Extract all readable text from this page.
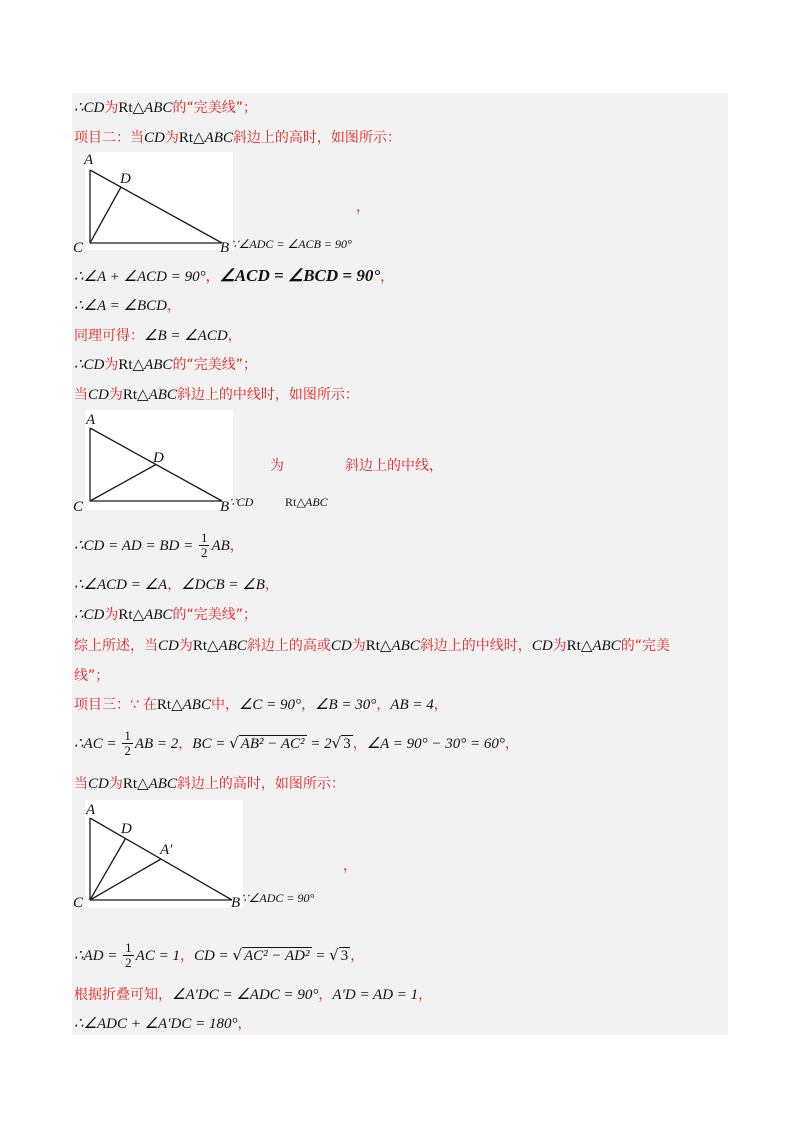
A
D
C	B
A
D
C	B
A
D
A′
C	B
，
∵∠ADC = ∠ACB = 90°
为	斜边上的中线，
∵CD	Rt△ ABC
，
∵∠ADC = 90°
∴CD为Rt△ABC的“完美线”；
项目二：当CD为Rt△ABC斜边上的高时，如图所示：
∴∠A + ∠ACD = 90°，∠ACD = ∠BCD = 90°，
∴∠A = ∠BCD，
同理可得：∠B = ∠ACD，
∴CD为Rt△ABC的“完美线”；
当CD为Rt△ABC斜边上的中线时，如图所示：
∴CD = AD = BD = $\frac{1}{2}$ AB，
∴∠ACD = ∠A，∠DCB = ∠B，
∴CD为Rt△ABC的“完美线”；
综上所述，当CD为Rt△ABC斜边上的高或CD为Rt△ABC斜边上的中线时，CD为Rt△ABC的“完美
线”；
项目三：∵ 在Rt△ABC中，∠C = 90°，∠B = 30°，AB = 4，
∴AC = $\frac{1}{2}$ AB = 2，BC = √ AB² − AC² = 2√ 3 ，∠A = 90° − 30° = 60°，
当CD为Rt△ABC斜边上的高时，如图所示：
∴AD = $\frac{1}{2}$ AC = 1，CD = √ AC² − AD² = √ 3 ，
根据折叠可知，∠A′DC = ∠ADC = 90°，A′D = AD = 1，
∴∠ADC + ∠A′DC = 180°，
